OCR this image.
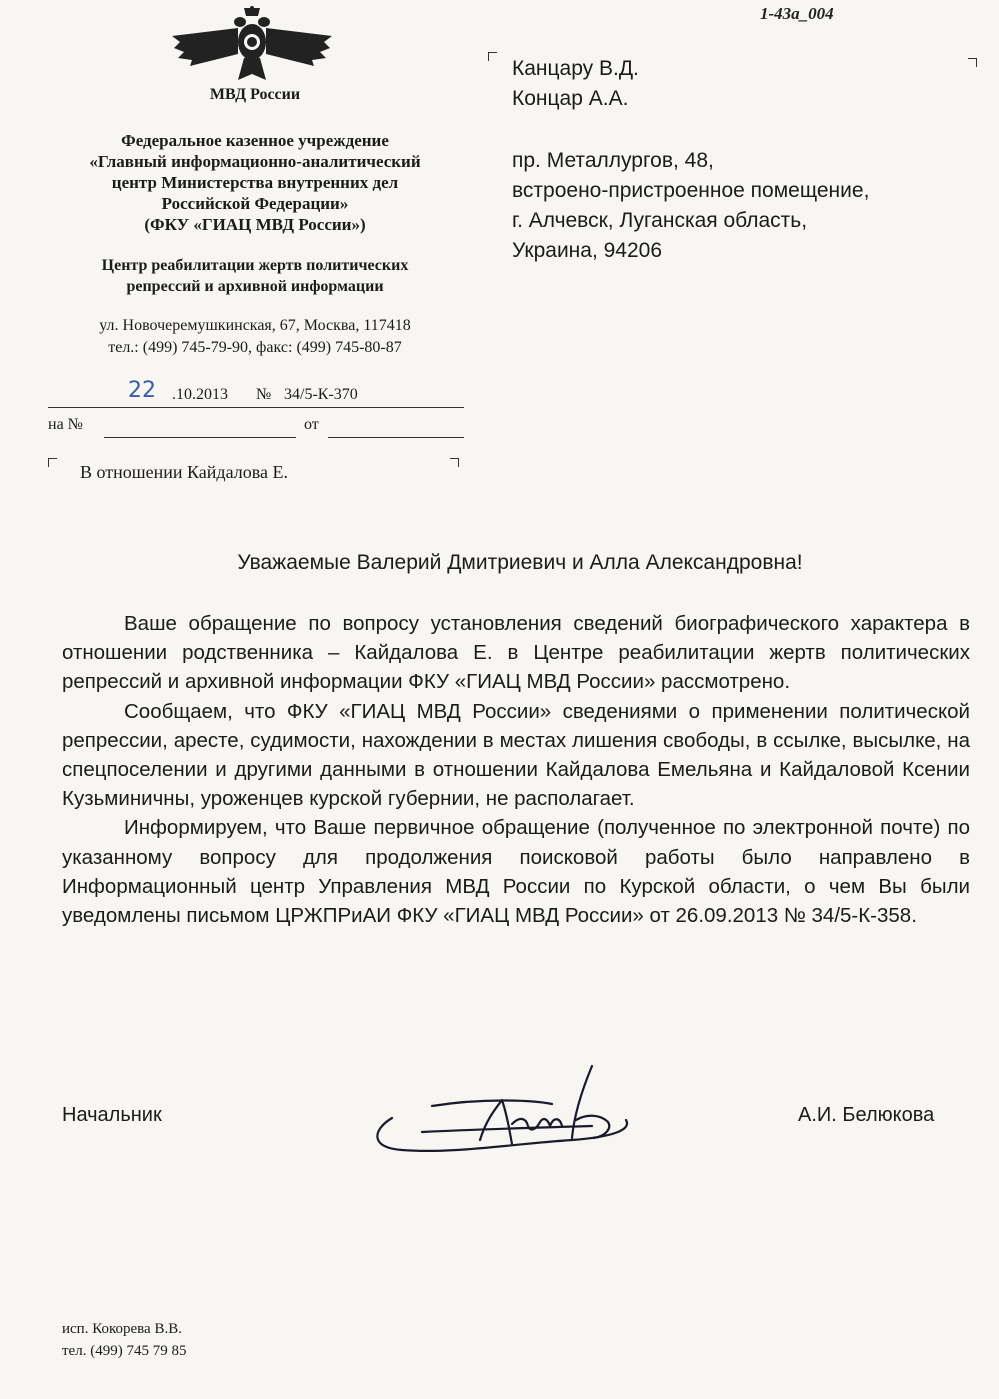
1-43a_004
МВД России
Федеральное казенное учреждение
«Главный информационно-аналитический
центр Министерства внутренних дел
Российской Федерации»
(ФКУ «ГИАЦ МВД России»)
Центр реабилитации жертв политических
репрессий и архивной информации
ул. Новочеремушкинская, 67, Москва, 117418
тел.: (499) 745-79-90, факс: (499) 745-80-87
22 .10.2013 № 34/5-К-370
на №	от
В отношении Кайдалова Е.
Канцару В.Д.
Концар А.А.
пр. Металлургов, 48,
встроено-пристроенное помещение,
г. Алчевск, Луганская область,
Украина, 94206
Уважаемые Валерий Дмитриевич и Алла Александровна!

Ваше обращение по вопросу установления сведений биографического характера в отношении родственника – Кайдалова Е. в Центре реабилитации жертв политических репрессий и архивной информации ФКУ «ГИАЦ МВД России» рассмотрено.

Сообщаем, что ФКУ «ГИАЦ МВД России» сведениями о применении политической репрессии, аресте, судимости, нахождении в местах лишения свободы, в ссылке, высылке, на спецпоселении и другими данными в отношении Кайдалова Емельяна и Кайдаловой Ксении Кузьминичны, уроженцев курской губернии, не располагает.

Информируем, что Ваше первичное обращение (полученное по электронной почте) по указанному вопросу для продолжения поисковой работы было направлено в Информационный центр Управления МВД России по Курской области, о чем Вы были уведомлены письмом ЦРЖПРиАИ ФКУ «ГИАЦ МВД России» от 26.09.2013 № 34/5-К-358.

Начальник	А.И. Белюкова
исп. Кокорева В.В.
тел. (499) 745 79 85
